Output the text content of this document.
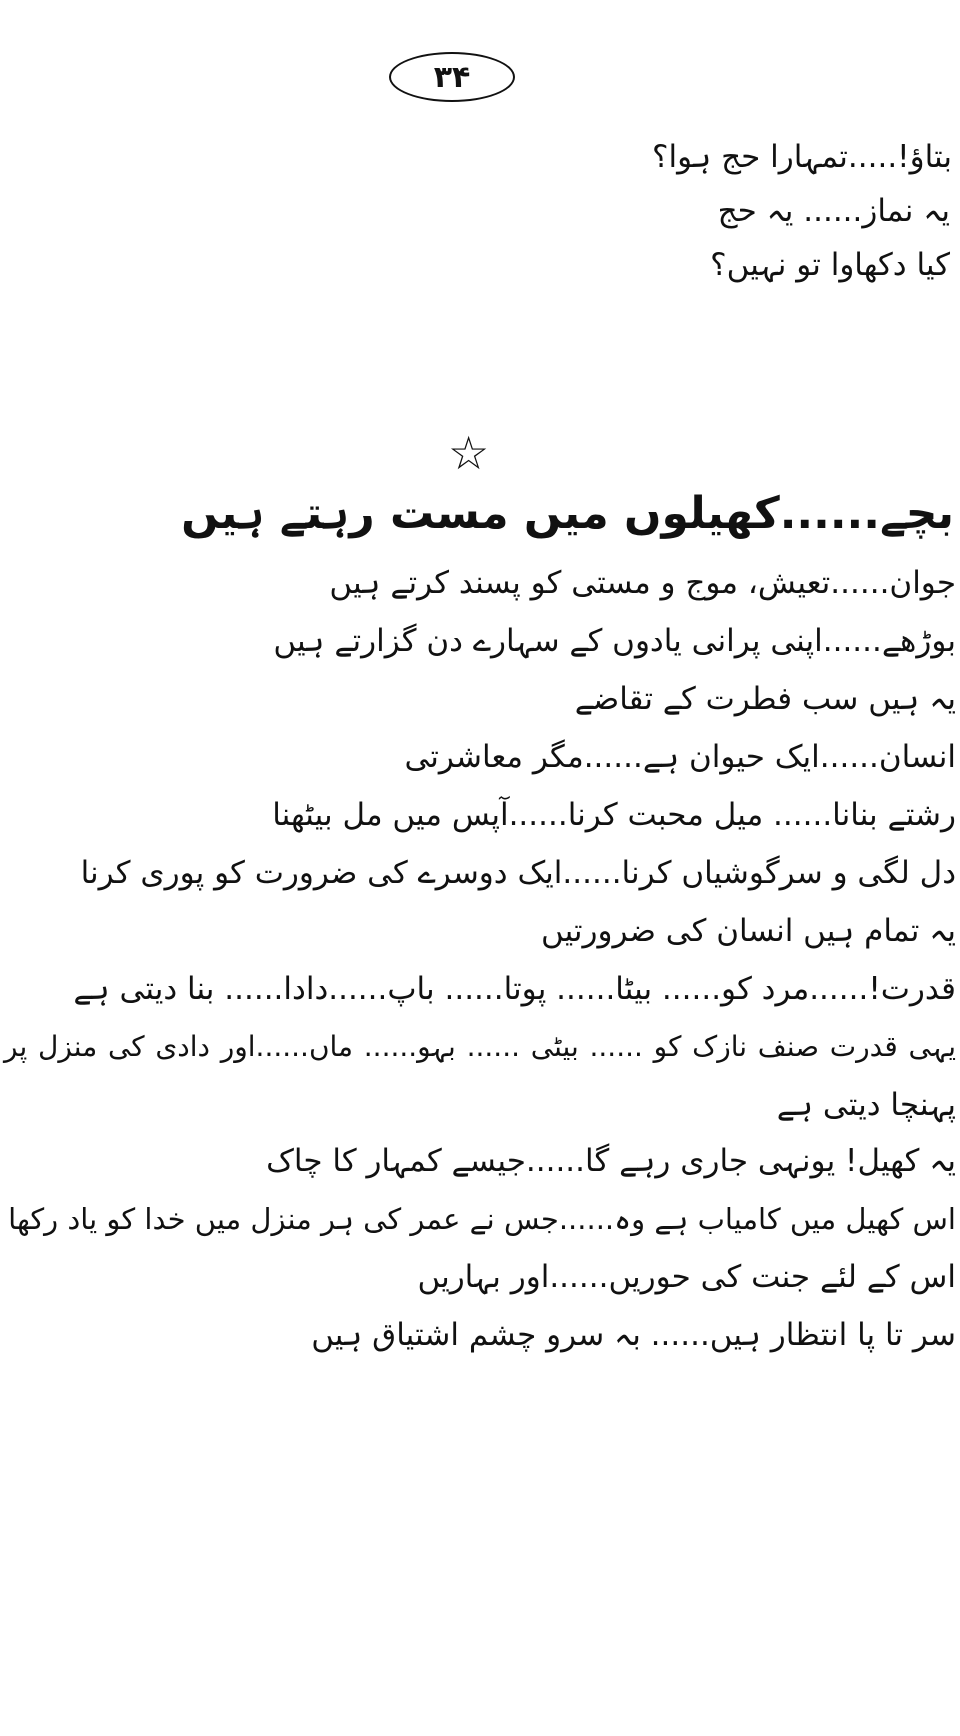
۳۴
بتاؤ!.....تمہارا حج ہوا؟
یہ نماز...... یہ حج
کیا دکھاوا تو نہیں؟
☆
بچے......کھیلوں میں مست رہتے ہیں
جوان......تعیش، موج و مستی کو پسند کرتے ہیں
بوڑھے......اپنی پرانی یادوں کے سہارے دن گزارتے ہیں
یہ ہیں سب فطرت کے تقاضے
انسان......ایک حیوان ہے......مگر معاشرتی
رشتے بنانا...... میل محبت کرنا......آپس میں مل بیٹھنا
دل لگی و سرگوشیاں کرنا......ایک دوسرے کی ضرورت کو پوری کرنا
یہ تمام ہیں انسان کی ضرورتیں
قدرت!......مرد کو...... بیٹا...... پوتا...... باپ......دادا...... بنا دیتی ہے
یہی قدرت صنف نازک کو ...... بیٹی ...... بہو...... ماں......اور دادی کی منزل پر
پہنچا دیتی ہے
یہ کھیل! یونہی جاری رہے گا......جیسے کمہار کا چاک
اس کھیل میں کامیاب ہے وہ......جس نے عمر کی ہر منزل میں خدا کو یاد رکھا
اس کے لئے جنت کی حوریں......اور بہاریں
سر تا پا انتظار ہیں...... بہ سرو چشم اشتیاق ہیں
